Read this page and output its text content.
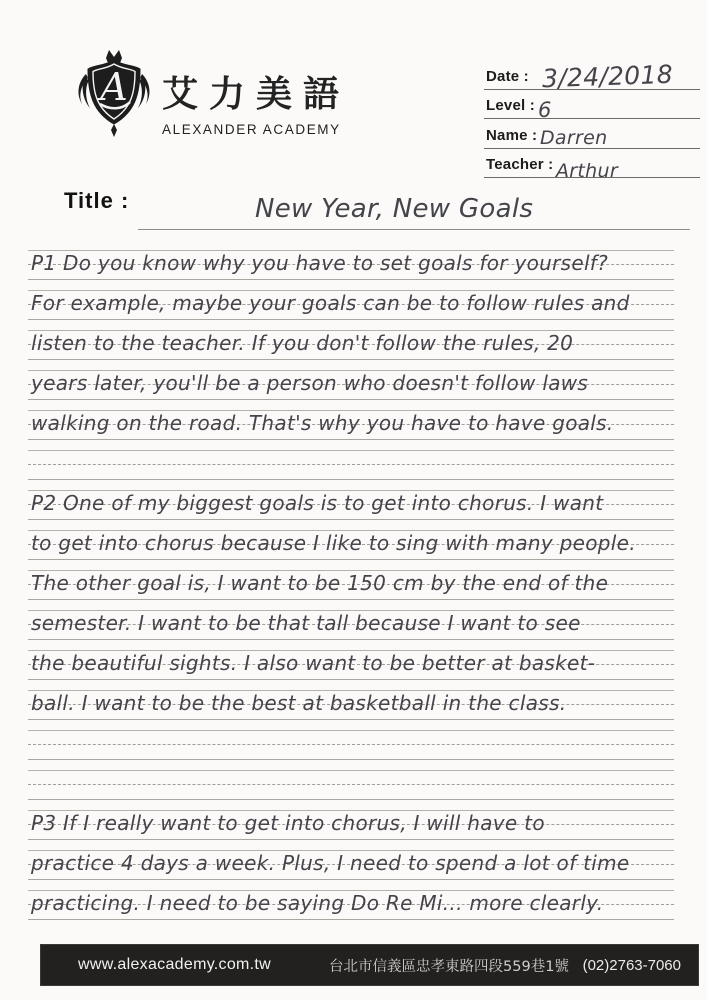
A 艾力美語
ALEXANDER ACADEMY
Date : 3/24/2018
Level : 6
Name : Darren
Teacher : Arthur
Title :	New Year, New Goals
P1 Do you know why you have to set goals for yourself?
For example, maybe your goals can be to follow rules and
listen to the teacher. If you don't follow the rules, 20
years later, you'll be a person who doesn't follow laws
walking on the road. That's why you have to have goals.
P2 One of my biggest goals is to get into chorus. I want
to get into chorus because I like to sing with many people.
The other goal is, I want to be 150 cm by the end of the
semester. I want to be that tall because I want to see
the beautiful sights. I also want to be better at basket-
ball. I want to be the best at basketball in the class.
P3 If I really want to get into chorus, I will have to
practice 4 days a week. Plus, I need to spend a lot of time
practicing. I need to be saying Do Re Mi... more clearly.
www.alexacademy.com.tw	台北市信義區忠孝東路四段559巷1號 (02)2763-7060
